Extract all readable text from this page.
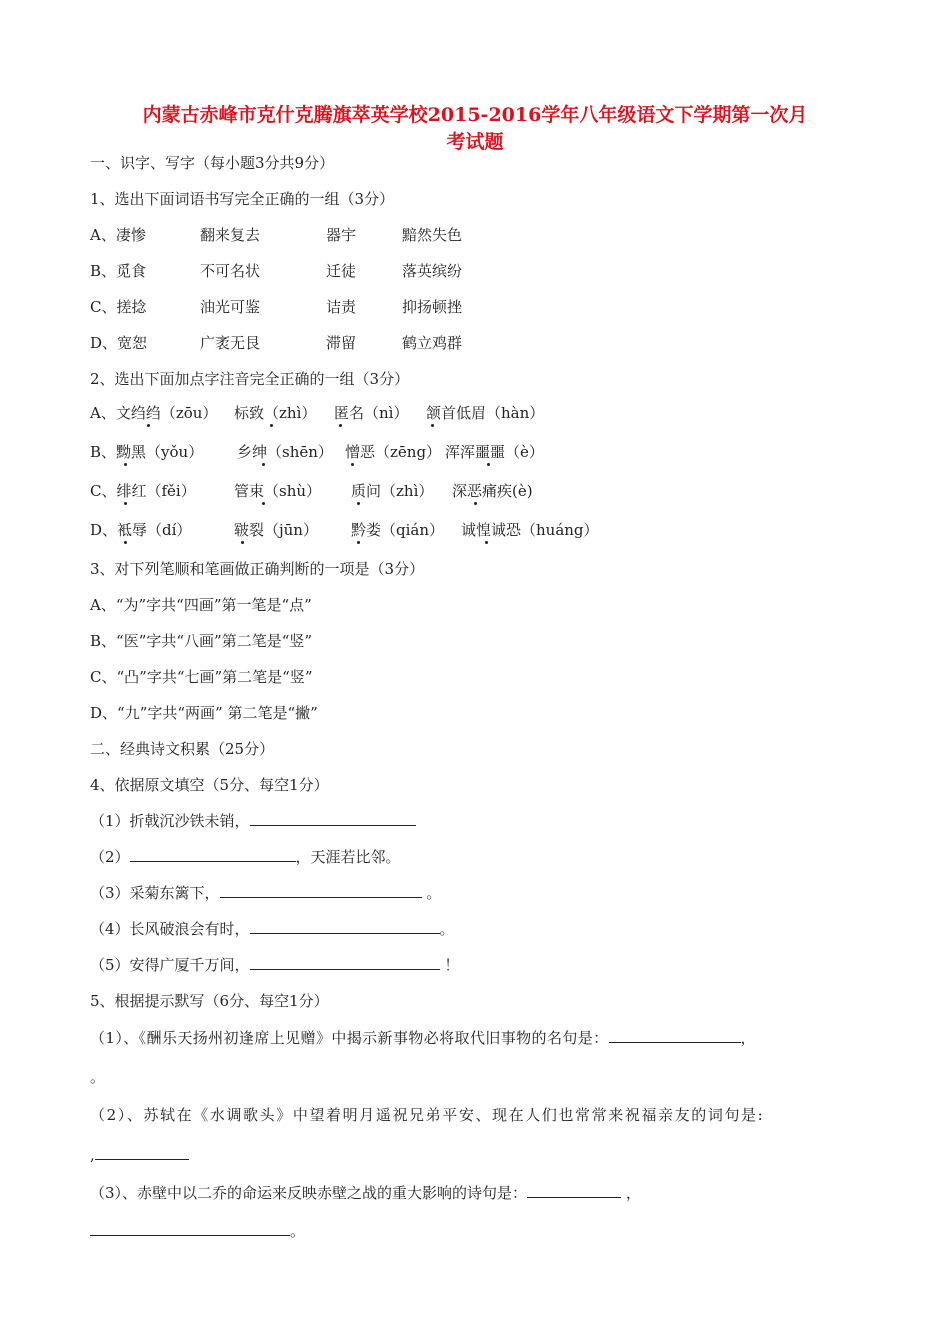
内蒙古赤峰市克什克腾旗萃英学校2015-2016学年八年级语文下学期第一次月
考试题
一、识字、写字（每小题3分共9分）
1、选出下面词语书写完全正确的一组（3分）
A、凄惨	翻来复去	器宇	黯然失色
B、觅食	不可名状	迁徒	落英缤纷
C、搓捻	油光可鉴	诘责	抑扬顿挫
D、宽恕	广袤无艮	滞留	鹤立鸡群
2、选出下面加点字注音完全正确的一组（3分）
A、文绉绉（zōu） 标致（zhì） 匿名（nì） 颔首低眉（hàn）
B、黝黑（yǒu） 乡绅（shēn） 憎恶（zēng） 浑浑噩噩（è）
C、绯红（fěi）	管束（shù） 质问（zhì） 深恶痛疾(è)
D、袛辱（dí）	皲裂（jūn） 黔娄（qián） 诚惶诚恐（huáng）
3、对下列笔顺和笔画做正确判断的一项是（3分）
A、“为”字共“四画”第一笔是“点”
B、“医”字共“八画”第二笔是“竖”
C、“凸”字共“七画”第二笔是“竖”
D、“九”字共“两画” 第二笔是“撇”
二、经典诗文积累（25分）
4、依据原文填空（5分、每空1分）
（1）折戟沉沙铁未销，
（2）	，天涯若比邻。
（3）采菊东篱下，	。
（4）长风破浪会有时，	。
（5）安得广厦千万间，	！
5、根据提示默写（6分、每空1分）
（1）、《酬乐天扬州初逢席上见赠》中揭示新事物必将取代旧事物的名句是：	，
。
（2）、苏轼在《水调歌头》中望着明月遥祝兄弟平安、现在人们也常常来祝福亲友的词句是:
,
（3）、赤壁中以二乔的命运来反映赤壁之战的重大影响的诗句是：	，
。
